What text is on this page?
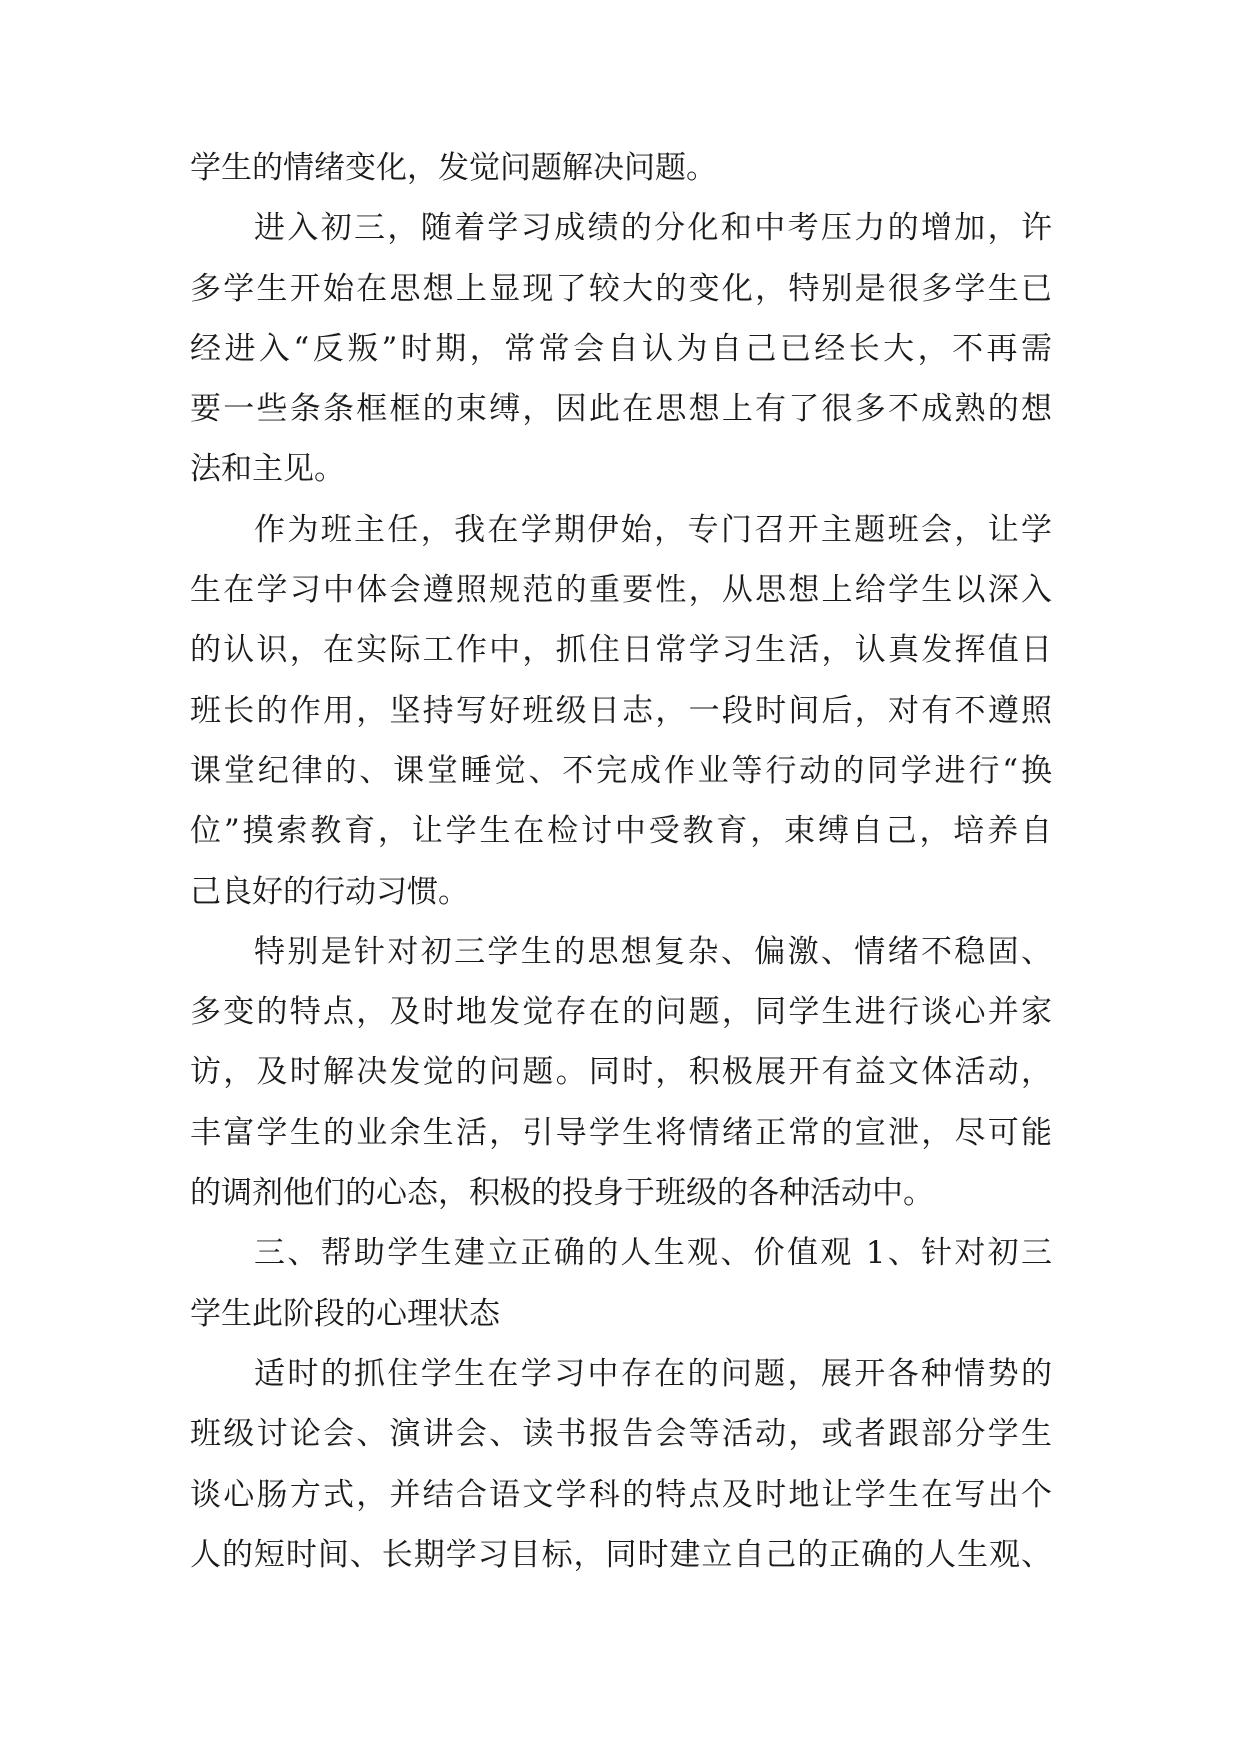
学生的情绪变化，发觉问题解决问题。
进入初三，随着学习成绩的分化和中考压力的增加，许
多学生开始在思想上显现了较大的变化，特别是很多学生已
经进入“反叛”时期，常常会自认为自己已经长大，不再需
要一些条条框框的束缚，因此在思想上有了很多不成熟的想
法和主见。
作为班主任，我在学期伊始，专门召开主题班会，让学
生在学习中体会遵照规范的重要性，从思想上给学生以深入
的认识，在实际工作中，抓住日常学习生活，认真发挥值日
班长的作用，坚持写好班级日志，一段时间后，对有不遵照
课堂纪律的、课堂睡觉、不完成作业等行动的同学进行“换
位”摸索教育，让学生在检讨中受教育，束缚自己，培养自
己良好的行动习惯。
特别是针对初三学生的思想复杂、偏激、情绪不稳固、
多变的特点，及时地发觉存在的问题，同学生进行谈心并家
访，及时解决发觉的问题。同时，积极展开有益文体活动，
丰富学生的业余生活，引导学生将情绪正常的宣泄，尽可能
的调剂他们的心态，积极的投身于班级的各种活动中。
三、帮助学生建立正确的人生观、价值观 1、针对初三
学生此阶段的心理状态
适时的抓住学生在学习中存在的问题，展开各种情势的
班级讨论会、演讲会、读书报告会等活动，或者跟部分学生
谈心肠方式，并结合语文学科的特点及时地让学生在写出个
人的短时间、长期学习目标，同时建立自己的正确的人生观、
